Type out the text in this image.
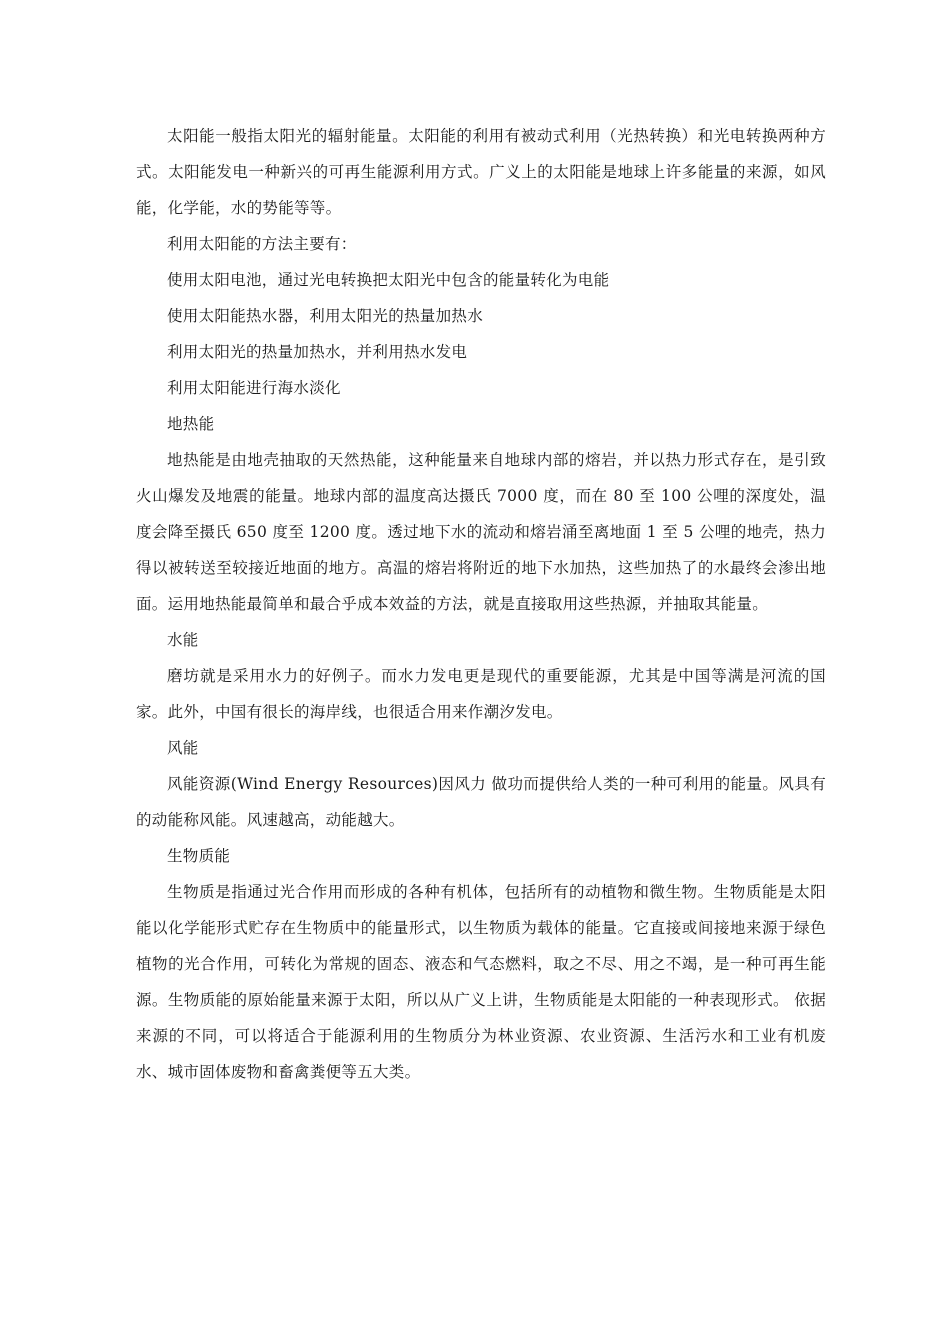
太阳能一般指太阳光的辐射能量。太阳能的利用有被动式利用（光热转换）和光电转换两种方式。太阳能发电一种新兴的可再生能源利用方式。广义上的太阳能是地球上许多能量的来源，如风能，化学能，水的势能等等。

利用太阳能的方法主要有：

使用太阳电池，通过光电转换把太阳光中包含的能量转化为电能

使用太阳能热水器，利用太阳光的热量加热水

利用太阳光的热量加热水，并利用热水发电

利用太阳能进行海水淡化

地热能

地热能是由地壳抽取的天然热能，这种能量来自地球内部的熔岩，并以热力形式存在，是引致火山爆发及地震的能量。地球内部的温度高达摄氏 7000 度，而在 80 至 100 公哩的深度处，温度会降至摄氏 650 度至 1200 度。透过地下水的流动和熔岩涌至离地面 1 至 5 公哩的地壳，热力得以被转送至较接近地面的地方。高温的熔岩将附近的地下水加热，这些加热了的水最终会渗出地面。运用地热能最简单和最合乎成本效益的方法，就是直接取用这些热源，并抽取其能量。

水能

磨坊就是采用水力的好例子。而水力发电更是现代的重要能源，尤其是中国等满是河流的国家。此外，中国有很长的海岸线，也很适合用来作潮汐发电。

风能

风能资源(Wind Energy Resources)因风力 做功而提供给人类的一种可利用的能量。风具有的动能称风能。风速越高，动能越大。

生物质能

生物质是指通过光合作用而形成的各种有机体，包括所有的动植物和微生物。生物质能是太阳能以化学能形式贮存在生物质中的能量形式，以生物质为载体的能量。它直接或间接地来源于绿色植物的光合作用，可转化为常规的固态、液态和气态燃料，取之不尽、用之不竭，是一种可再生能源。生物质能的原始能量来源于太阳，所以从广义上讲，生物质能是太阳能的一种表现形式。 依据来源的不同，可以将适合于能源利用的生物质分为林业资源、农业资源、生活污水和工业有机废水、城市固体废物和畜禽粪便等五大类。
